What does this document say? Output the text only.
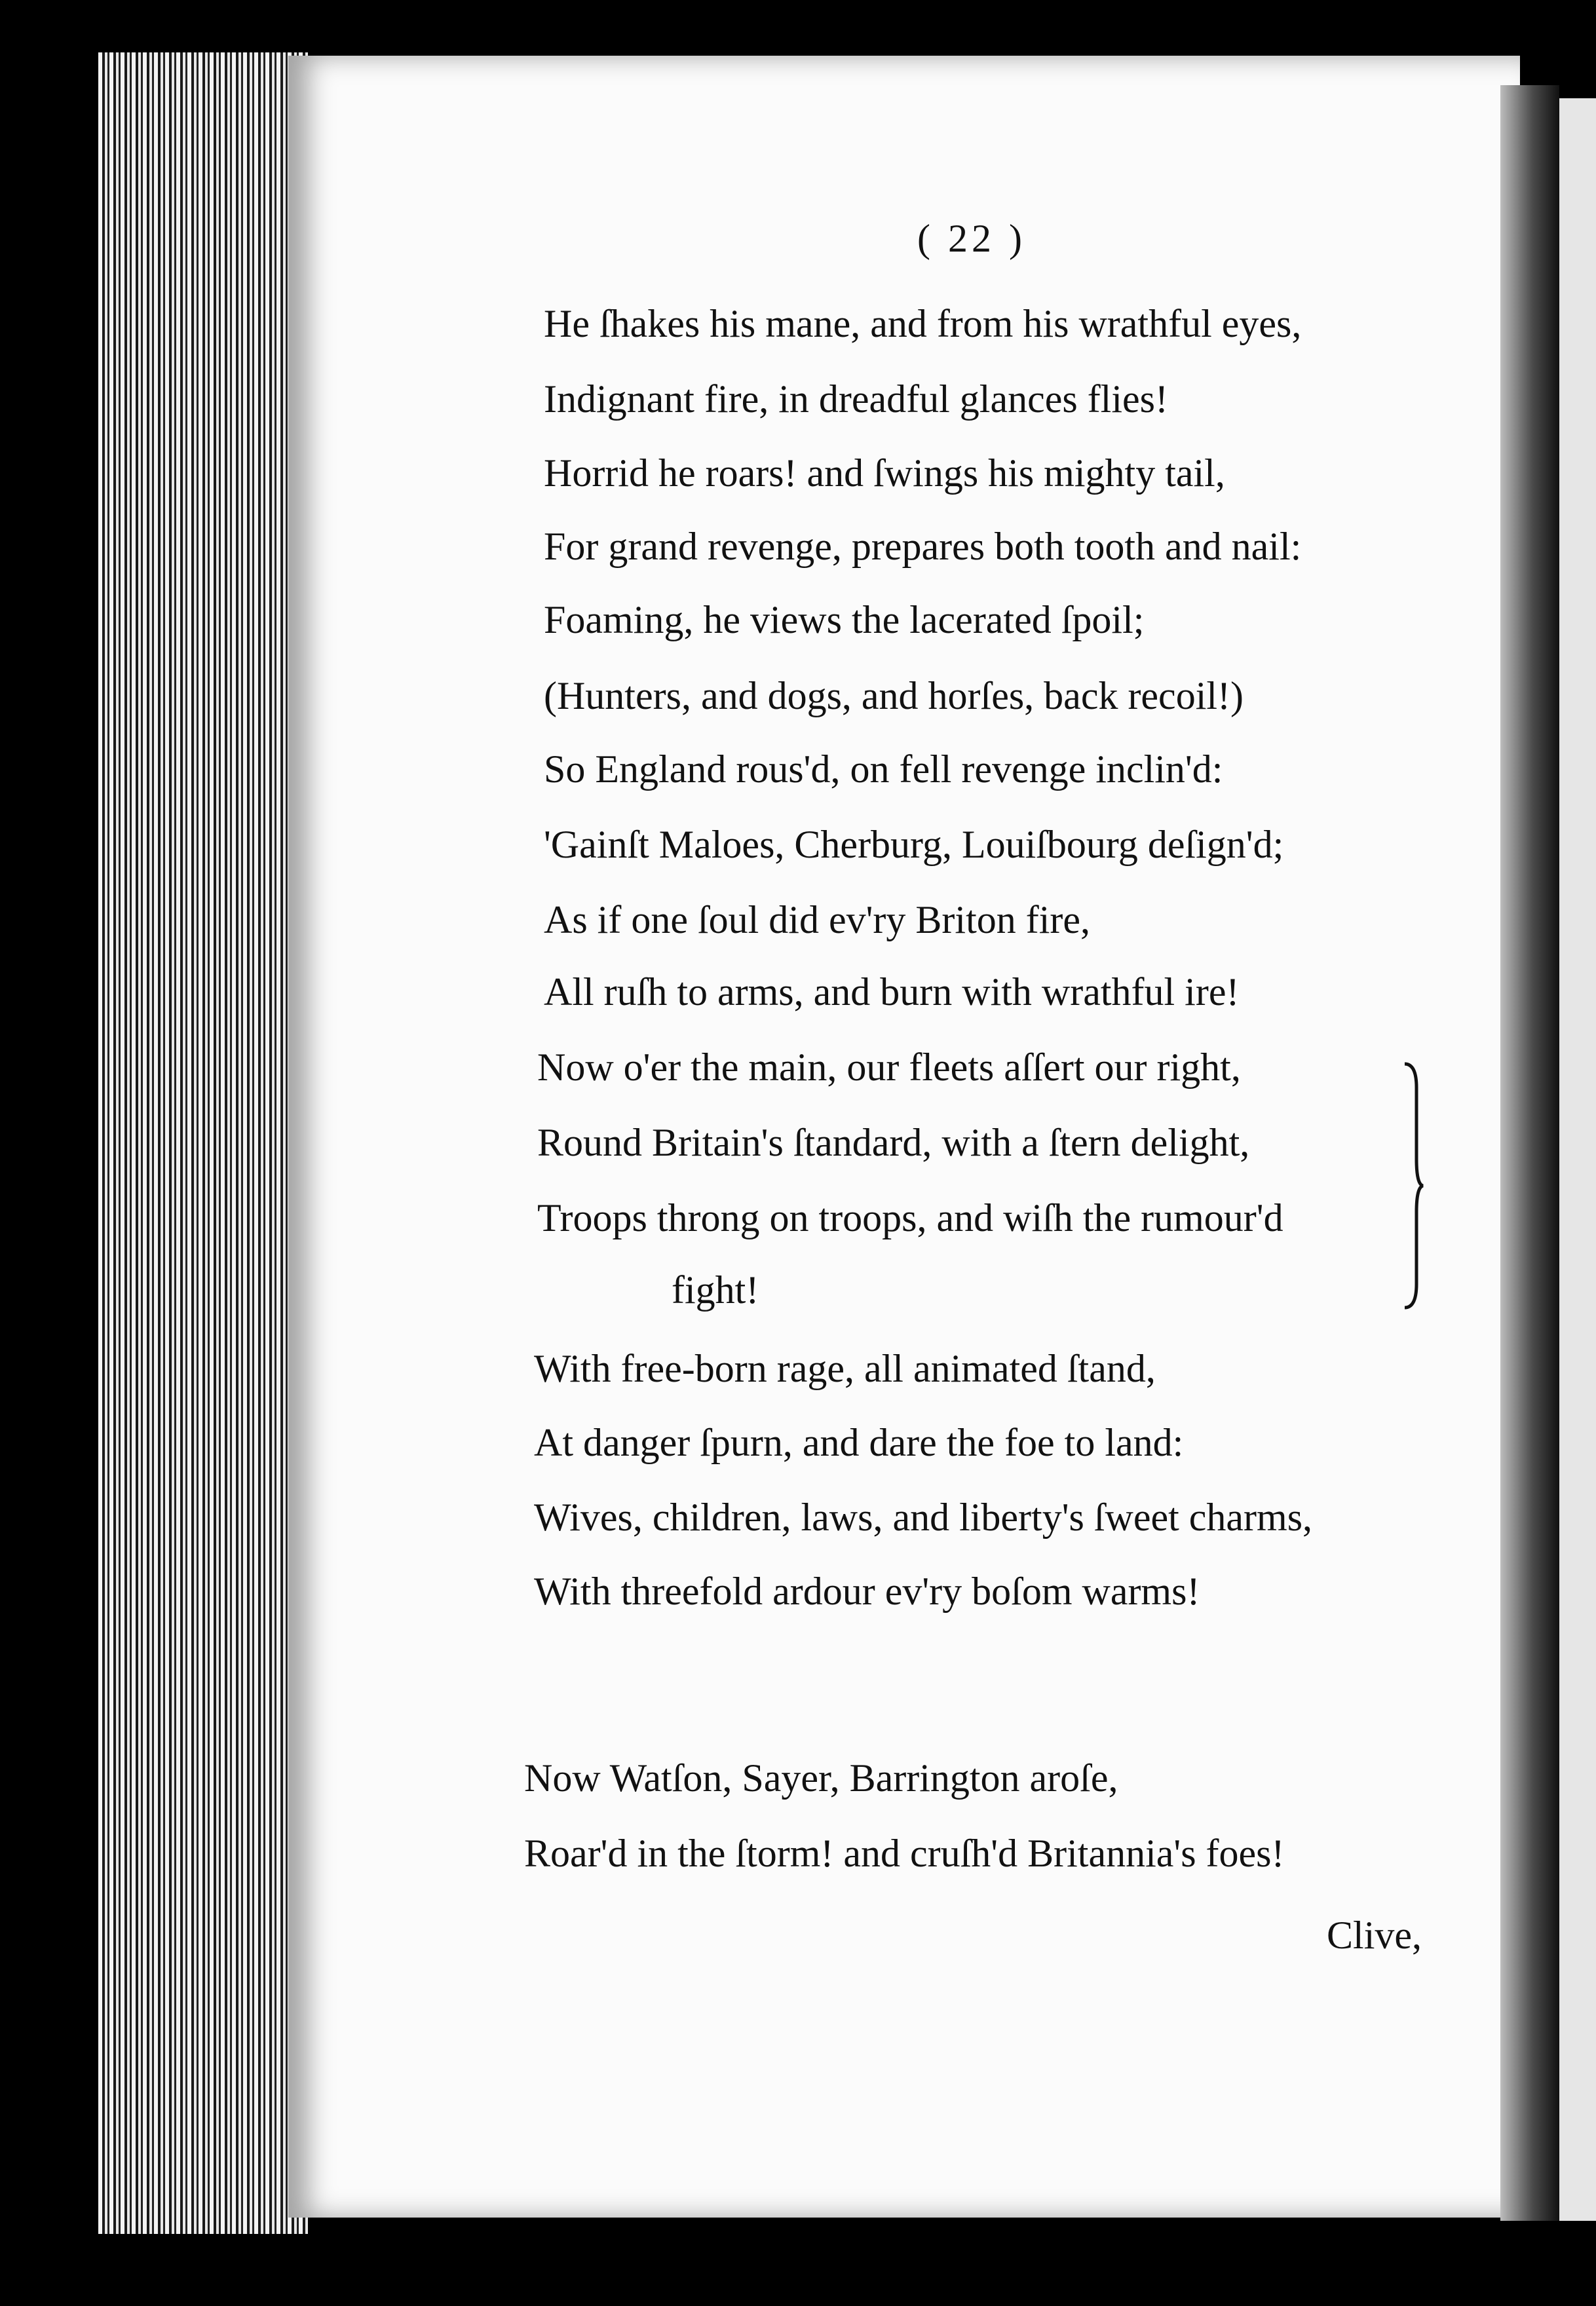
( 22 )
He ſhakes his mane, and from his wrathful eyes,
Indignant fire, in dreadful glances flies!
Horrid he roars! and ſwings his mighty tail,
For grand revenge, prepares both tooth and nail:
Foaming, he views the lacerated ſpoil;
(Hunters, and dogs, and horſes, back recoil!)
So England rous'd, on fell revenge inclin'd:
'Gainſt Maloes, Cherburg, Louiſbourg deſign'd;
As if one ſoul did ev'ry Briton fire,
All ruſh to arms, and burn with wrathful ire!
Now o'er the main, our fleets aſſert our right,
Round Britain's ſtandard, with a ſtern delight,
Troops throng on troops, and wiſh the rumour'd
fight!
With free-born rage, all animated ſtand,
At danger ſpurn, and dare the foe to land:
Wives, children, laws, and liberty's ſweet charms,
With threefold ardour ev'ry boſom warms!
Now Watſon, Sayer, Barrington aroſe,
Roar'd in the ſtorm! and cruſh'd Britannia's foes!
Clive,
